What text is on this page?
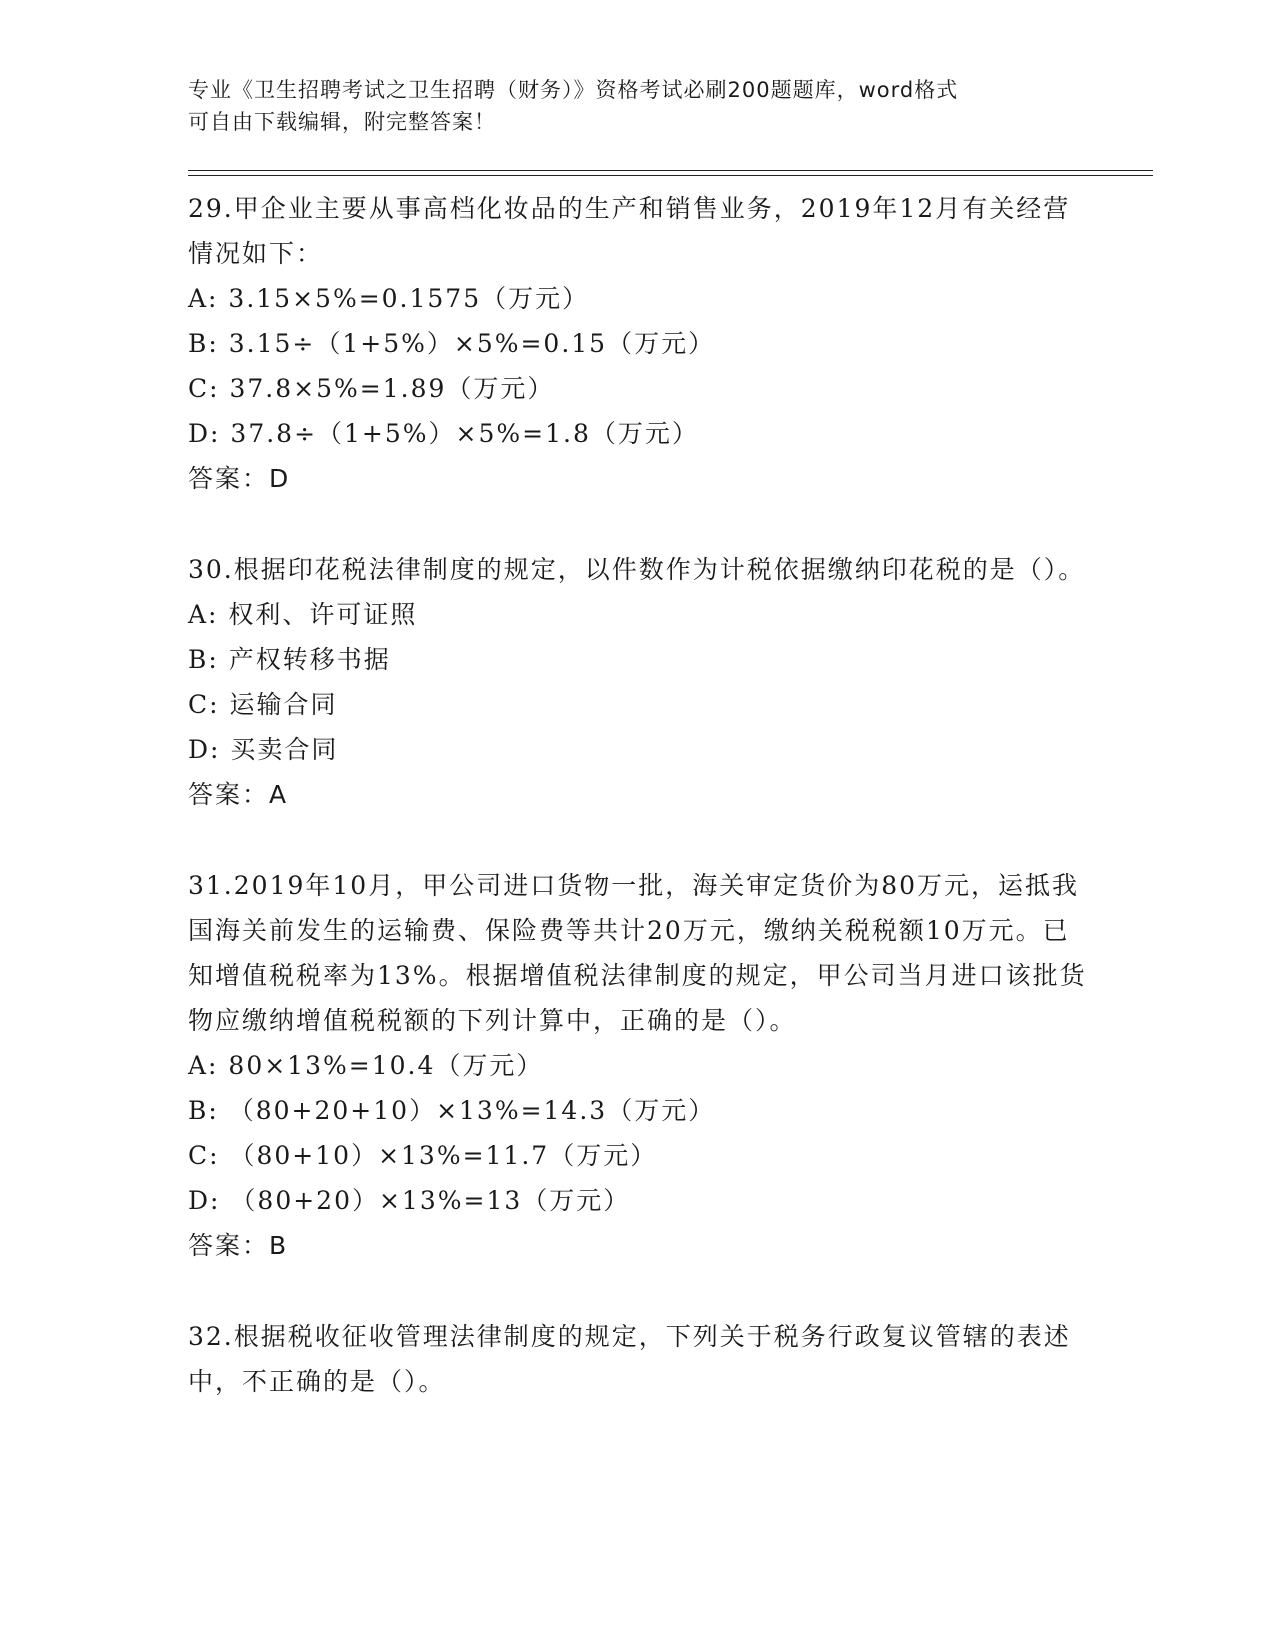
专业《卫生招聘考试之卫生招聘（财务）》资格考试必刷200题题库，word格式
可自由下载编辑，附完整答案！

29.甲企业主要从事高档化妆品的生产和销售业务，2019年12月有关经营情况如下：

A: 3.15×5%=0.1575（万元）
B: 3.15÷（1+5%）×5%=0.15（万元）
C: 37.8×5%=1.89（万元）
D: 37.8÷（1+5%）×5%=1.8（万元）
答案：D

30.根据印花税法律制度的规定，以件数作为计税依据缴纳印花税的是（）。

A: 权利、许可证照
B: 产权转移书据
C: 运输合同
D: 买卖合同
答案：A

31.2019年10月，甲公司进口货物一批，海关审定货价为80万元，运抵我国海关前发生的运输费、保险费等共计20万元，缴纳关税税额10万元。已知增值税税率为13%。根据增值税法律制度的规定，甲公司当月进口该批货物应缴纳增值税税额的下列计算中，正确的是（）。

A: 80×13%=10.4（万元）
B: （80+20+10）×13%=14.3（万元）
C: （80+10）×13%=11.7（万元）
D: （80+20）×13%=13（万元）
答案：B

32.根据税收征收管理法律制度的规定，下列关于税务行政复议管辖的表述中，不正确的是（）。
